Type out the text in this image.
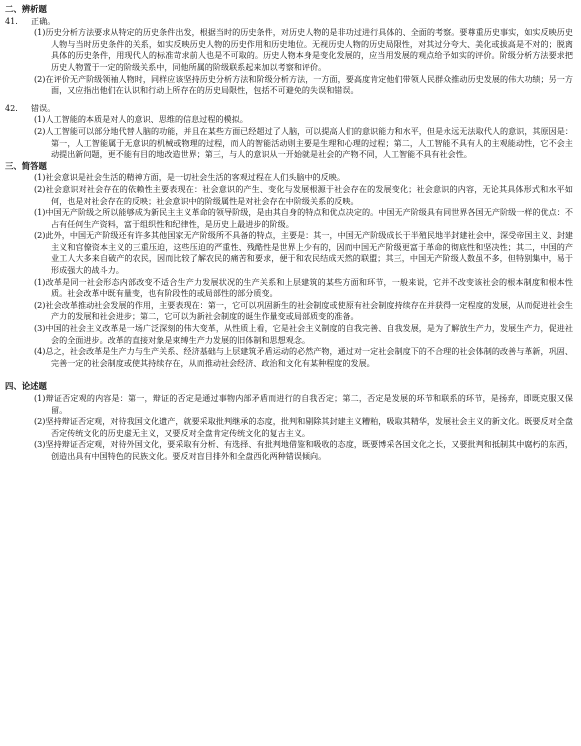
二、辨析题
41. 正确。
(1)历史分析方法要求从特定的历史条件出发，根据当时的历史条件，对历史人物的是非功过进行具体的、全面的考察。要尊重历史事实，如实反映历史人物与当时历史条件的关系，如实反映历史人物的历史作用和历史地位。无视历史人物的历史局限性，对其过分夸大、美化或拔高是不对的；脱离具体的历史条件，用现代人的标准苛求前人也是不可取的。历史人物本身是变化发展的，应当用发展的观点给予如实的评价。阶级分析方法要求把历史人物置于一定的阶级关系中，同他所属的阶级联系起来加以考察和评价。
(2)在评价无产阶级领袖人物时，同样应该坚持历史分析方法和阶级分析方法，一方面，要高度肯定他们带领人民群众推动历史发展的伟大功绩；另一方面，又应指出他们在认识和行动上所存在的历史局限性，包括不可避免的失误和错误。
42. 错误。
(1)人工智能的本质是对人的意识、思维的信息过程的模拟。
(2)人工智能可以部分地代替人脑的功能，并且在某些方面已经超过了人脑，可以提高人们的意识能力和水平，但是永远无法取代人的意识，其原因是：第一，人工智能属于无意识的机械或物理的过程，而人的智能活动则主要是生理和心理的过程；第二，人工智能不具有人的主观能动性，它不会主动提出新问题，更不能有目的地改造世界；第三，与人的意识从一开始就是社会的产物不同，人工智能不具有社会性。
三、简答题
(1)社会意识是社会生活的精神方面，是一切社会生活的客观过程在人们头脑中的反映。
(2)社会意识对社会存在的依赖性主要表现在：社会意识的产生、变化与发展根源于社会存在的发展变化；社会意识的内容，无论其具体形式和水平如何，也是对社会存在的反映；社会意识中的阶级属性是对社会存在中阶级关系的反映。
(1)中国无产阶级之所以能够成为新民主主义革命的领导阶级，是由其自身的特点和优点决定的。中国无产阶级具有同世界各国无产阶级一样的优点：不占有任何生产资料，富于组织性和纪律性，是历史上最进步的阶级。
(2)此外，中国无产阶级还有许多其他国家无产阶级所不具备的特点，主要是：其一，中国无产阶级成长于半殖民地半封建社会中，深受帝国主义、封建主义和官僚资本主义的三重压迫，这些压迫的严重性、残酷性是世界上少有的，因而中国无产阶级更富于革命的彻底性和坚决性；其二，中国的产业工人大多来自破产的农民，因而比较了解农民的痛苦和要求，便于和农民结成天然的联盟；其三，中国无产阶级人数虽不多，但特别集中，易于形成强大的战斗力。
(1)改革是同一社会形态内部改变不适合生产力发展状况的生产关系和上层建筑的某些方面和环节，一般来说，它并不改变该社会的根本制度和根本性质。社会改革中既有量变，也有阶段性的或局部性的部分质变。
(2)社会改革推动社会发展的作用，主要表现在：第一，它可以巩固新生的社会制度或使原有社会制度持续存在并获得一定程度的发展，从而促进社会生产力的发展和社会进步；第二，它可以为新社会制度的诞生作量变或局部质变的准备。
(3)中国的社会主义改革是一场广泛深刻的伟大变革，从性质上看，它是社会主义制度的自我完善、自我发展，是为了解放生产力，发展生产力，促进社会的全面进步。改革的直接对象是束缚生产力发展的旧体制和思想观念。
(4)总之，社会改革是生产力与生产关系、经济基础与上层建筑矛盾运动的必然产物，通过对一定社会制度下的不合理的社会体制的改善与革新，巩固、完善一定的社会制度或使其持续存在，从而推动社会经济、政治和文化有某种程度的发展。
四、论述题
(1)辩证否定观的内容是：第一，辩证的否定是通过事物内部矛盾而进行的自我否定；第二，否定是发展的环节和联系的环节，是扬弃，即既克服又保留。
(2)坚持辩证否定观，对待我国文化遗产，就要采取批判继承的态度，批判和剔除其封建主义糟粕，吸取其精华，发展社会主义的新文化。既要反对全盘否定传统文化的历史虚无主义，又要反对全盘肯定传统文化的复古主义。
(3)坚持辩证否定观，对待外国文化，要采取有分析、有选择、有批判地借鉴和吸收的态度，既要博采各国文化之长，又要批判和抵制其中腐朽的东西，创造出具有中国特色的民族文化。要反对盲目排外和全盘西化两种错误倾向。
